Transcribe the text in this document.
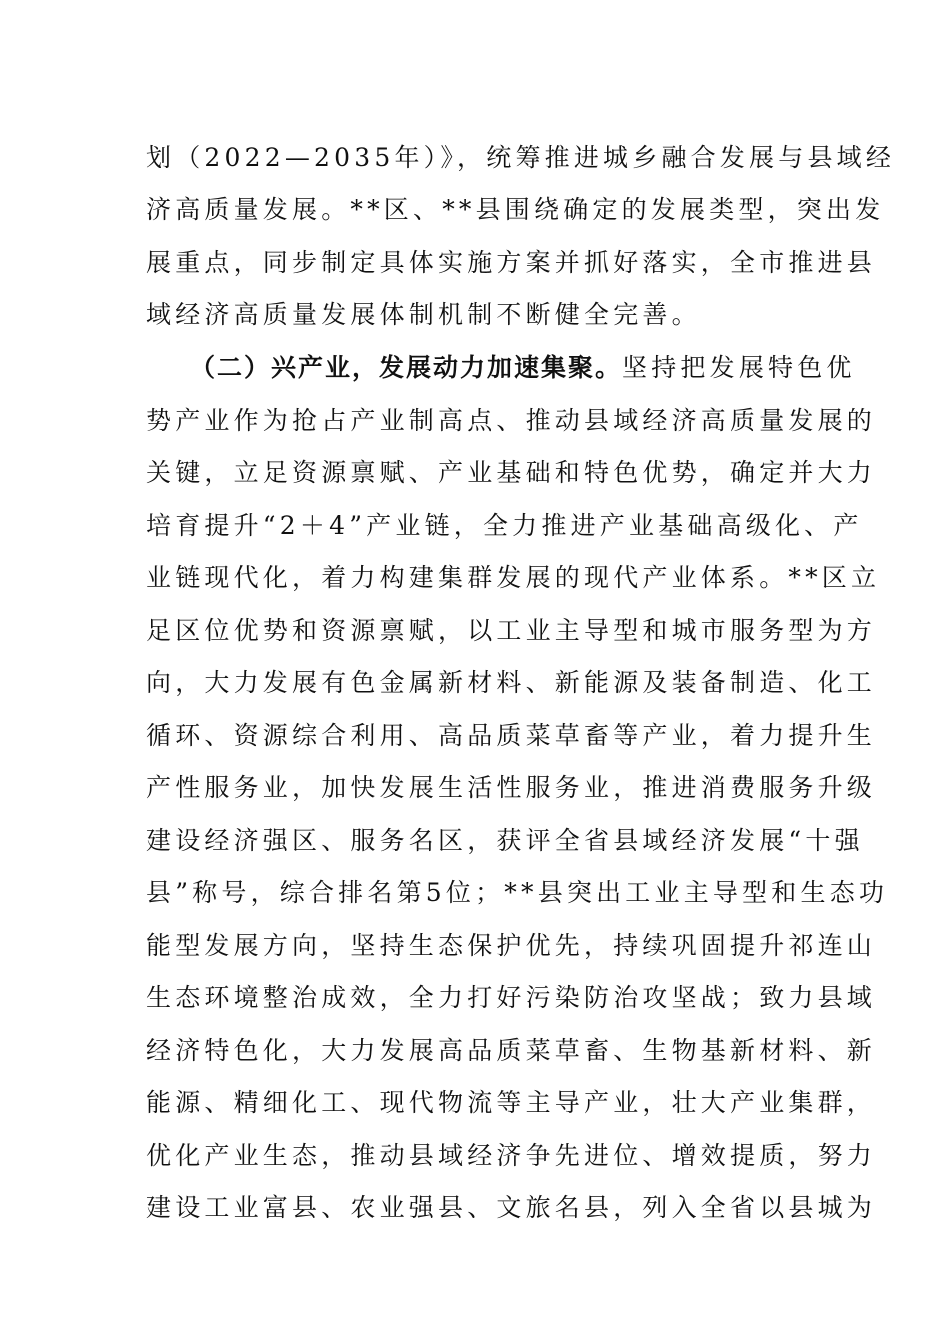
划（2022—2035年）》，统筹推进城乡融合发展与县域经
济高质量发展。**区、**县围绕确定的发展类型，突出发
展重点，同步制定具体实施方案并抓好落实，全市推进县
域经济高质量发展体制机制不断健全完善。
（二）兴产业，发展动力加速集聚。坚持把发展特色优
势产业作为抢占产业制高点、推动县域经济高质量发展的
关键，立足资源禀赋、产业基础和特色优势，确定并大力
培育提升“2＋4”产业链，全力推进产业基础高级化、产
业链现代化，着力构建集群发展的现代产业体系。**区立
足区位优势和资源禀赋，以工业主导型和城市服务型为方
向，大力发展有色金属新材料、新能源及装备制造、化工
循环、资源综合利用、高品质菜草畜等产业，着力提升生
产性服务业，加快发展生活性服务业，推进消费服务升级
建设经济强区、服务名区，获评全省县域经济发展“十强
县”称号，综合排名第5位；**县突出工业主导型和生态功
能型发展方向，坚持生态保护优先，持续巩固提升祁连山
生态环境整治成效，全力打好污染防治攻坚战；致力县域
经济特色化，大力发展高品质菜草畜、生物基新材料、新
能源、精细化工、现代物流等主导产业，壮大产业集群，
优化产业生态，推动县域经济争先进位、增效提质，努力
建设工业富县、农业强县、文旅名县，列入全省以县城为
